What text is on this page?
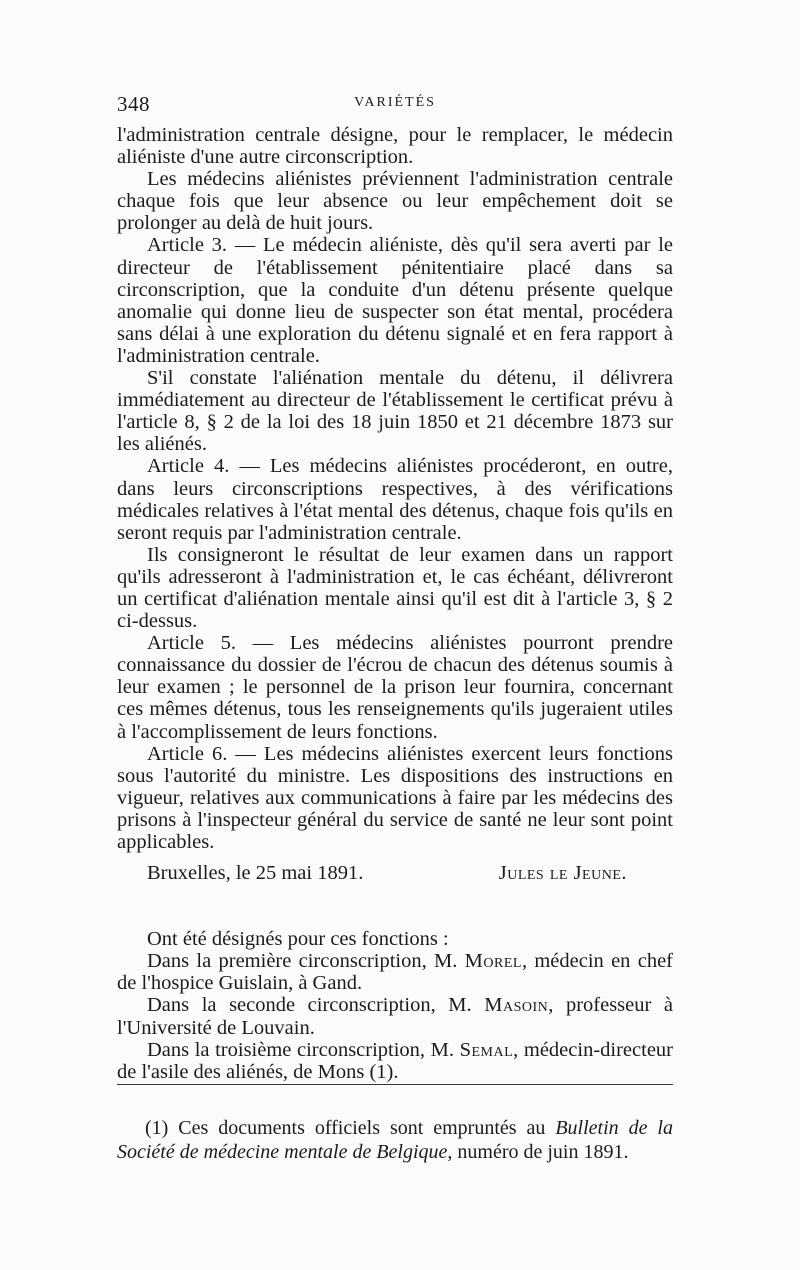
348	VARIÉTÉS

l'administration centrale désigne, pour le remplacer, le médecin aliéniste d'une autre circonscription.

Les médecins aliénistes préviennent l'administration centrale chaque fois que leur absence ou leur empêchement doit se prolonger au delà de huit jours.

Article 3. — Le médecin aliéniste, dès qu'il sera averti par le directeur de l'établissement pénitentiaire placé dans sa circonscription, que la conduite d'un détenu présente quelque anomalie qui donne lieu de suspecter son état mental, procédera sans délai à une exploration du détenu signalé et en fera rapport à l'administration centrale.

S'il constate l'aliénation mentale du détenu, il délivrera immédiatement au directeur de l'établissement le certificat prévu à l'article 8, § 2 de la loi des 18 juin 1850 et 21 décembre 1873 sur les aliénés.

Article 4. — Les médecins aliénistes procéderont, en outre, dans leurs circonscriptions respectives, à des vérifications médicales relatives à l'état mental des détenus, chaque fois qu'ils en seront requis par l'administration centrale.

Ils consigneront le résultat de leur examen dans un rapport qu'ils adresseront à l'administration et, le cas échéant, délivreront un certificat d'aliénation mentale ainsi qu'il est dit à l'article 3, § 2 ci-dessus.

Article 5. — Les médecins aliénistes pourront prendre connaissance du dossier de l'écrou de chacun des détenus soumis à leur examen ; le personnel de la prison leur fournira, concernant ces mêmes détenus, tous les renseignements qu'ils jugeraient utiles à l'accomplissement de leurs fonctions.

Article 6. — Les médecins aliénistes exercent leurs fonctions sous l'autorité du ministre. Les dispositions des instructions en vigueur, relatives aux communications à faire par les médecins des prisons à l'inspecteur général du service de santé ne leur sont point applicables.

Bruxelles, le 25 mai 1891.	Jules le Jeune.

Ont été désignés pour ces fonctions :

Dans la première circonscription, M. Morel, médecin en chef de l'hospice Guislain, à Gand.

Dans la seconde circonscription, M. Masoin, professeur à l'Université de Louvain.

Dans la troisième circonscription, M. Semal, médecin-directeur de l'asile des aliénés, de Mons (1).

(1) Ces documents officiels sont empruntés au Bulletin de la Société de médecine mentale de Belgique, numéro de juin 1891.
